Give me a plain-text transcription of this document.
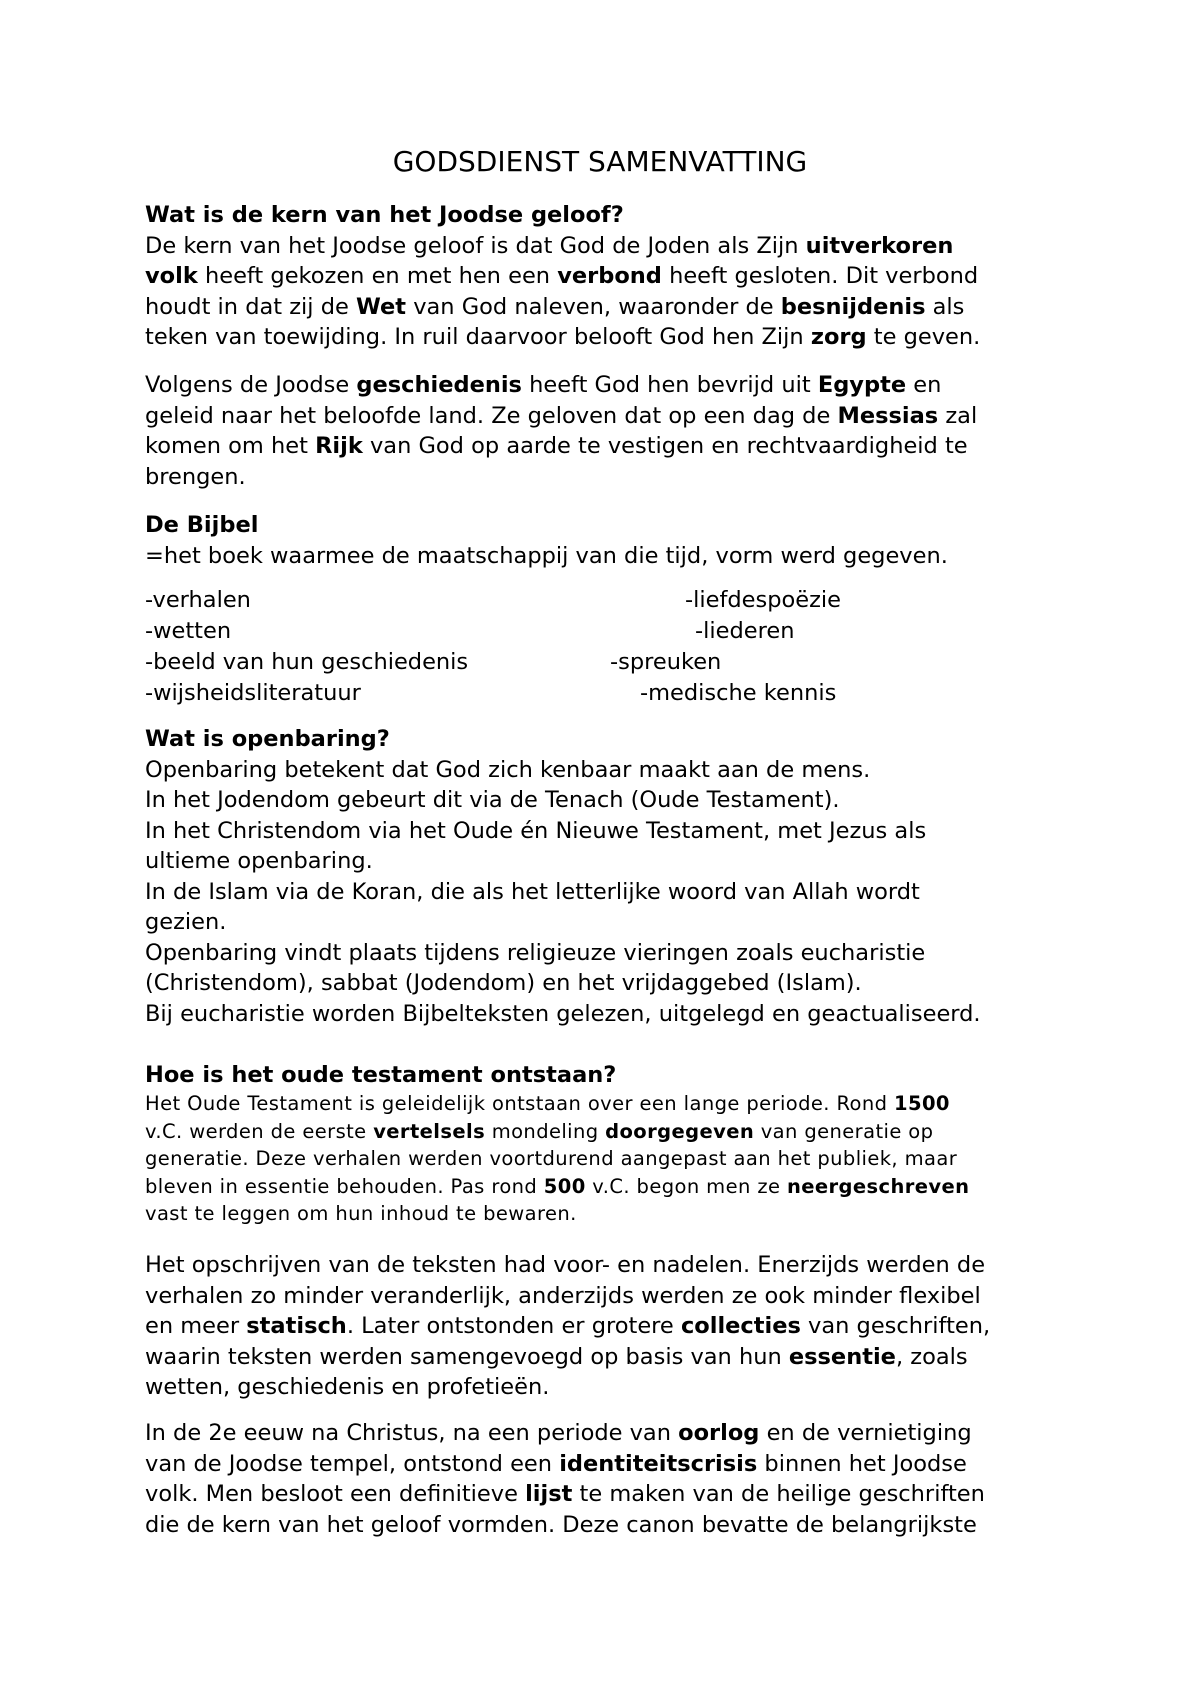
GODSDIENST SAMENVATTING
Wat is de kern van het Joodse geloof?
De kern van het Joodse geloof is dat God de Joden als Zijn uitverkoren
volk heeft gekozen en met hen een verbond heeft gesloten. Dit verbond
houdt in dat zij de Wet van God naleven, waaronder de besnijdenis als
teken van toewijding. In ruil daarvoor belooft God hen Zijn zorg te geven.
Volgens de Joodse geschiedenis heeft God hen bevrijd uit Egypte en
geleid naar het beloofde land. Ze geloven dat op een dag de Messias zal
komen om het Rijk van God op aarde te vestigen en rechtvaardigheid te
brengen.
De Bijbel
=het boek waarmee de maatschappij van die tijd, vorm werd gegeven.
-verhalen
-wetten
-beeld van hun geschiedenis
-wijsheidsliteratuur
-liefdespoëzie
-liederen
-spreuken
-medische kennis
Wat is openbaring?
Openbaring betekent dat God zich kenbaar maakt aan de mens.
In het Jodendom gebeurt dit via de Tenach (Oude Testament).
In het Christendom via het Oude én Nieuwe Testament, met Jezus als
ultieme openbaring.
In de Islam via de Koran, die als het letterlijke woord van Allah wordt
gezien.
Openbaring vindt plaats tijdens religieuze vieringen zoals eucharistie
(Christendom), sabbat (Jodendom) en het vrijdaggebed (Islam).
Bij eucharistie worden Bijbelteksten gelezen, uitgelegd en geactualiseerd.
Hoe is het oude testament ontstaan?
Het Oude Testament is geleidelijk ontstaan over een lange periode. Rond 1500
v.C. werden de eerste vertelsels mondeling doorgegeven van generatie op
generatie. Deze verhalen werden voortdurend aangepast aan het publiek, maar
bleven in essentie behouden. Pas rond 500 v.C. begon men ze neergeschreven
vast te leggen om hun inhoud te bewaren.
Het opschrijven van de teksten had voor- en nadelen. Enerzijds werden de
verhalen zo minder veranderlijk, anderzijds werden ze ook minder flexibel
en meer statisch. Later ontstonden er grotere collecties van geschriften,
waarin teksten werden samengevoegd op basis van hun essentie, zoals
wetten, geschiedenis en profetieën.
In de 2e eeuw na Christus, na een periode van oorlog en de vernietiging
van de Joodse tempel, ontstond een identiteitscrisis binnen het Joodse
volk. Men besloot een definitieve lijst te maken van de heilige geschriften
die de kern van het geloof vormden. Deze canon bevatte de belangrijkste
